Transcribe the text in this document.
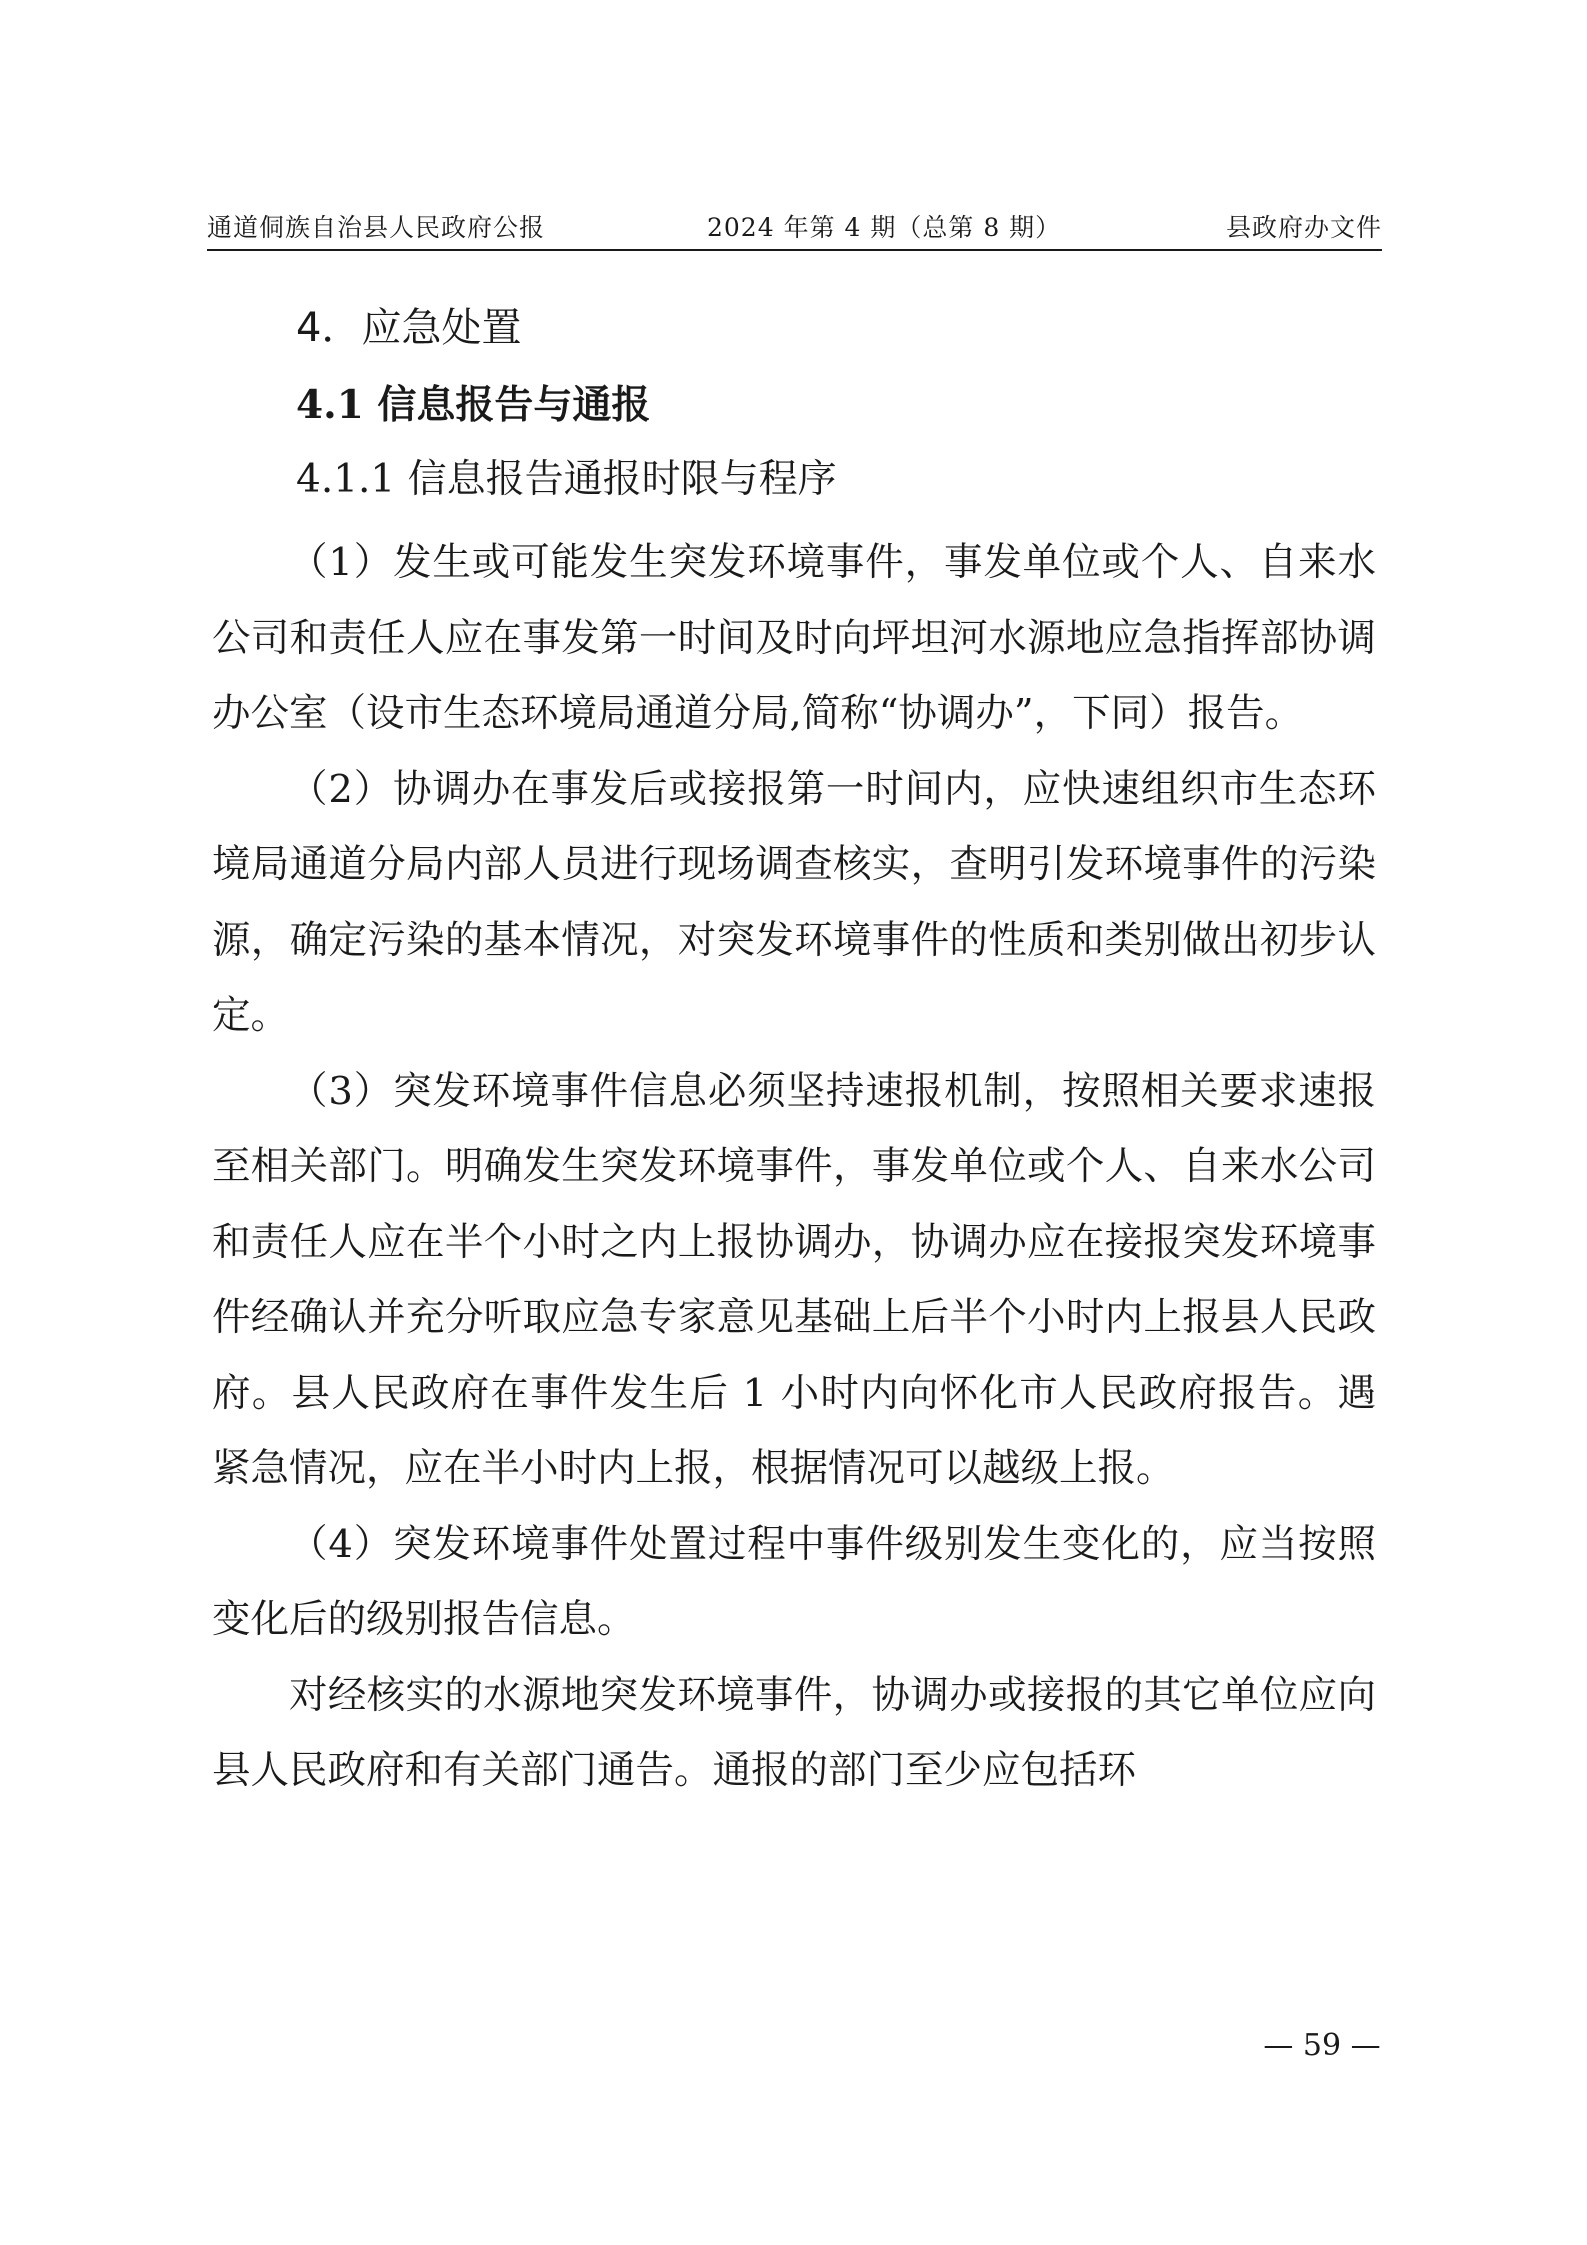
通道侗族自治县人民政府公报	2024 年第 4 期（总第 8 期）	县政府办文件
4．应急处置
4.1 信息报告与通报
4.1.1 信息报告通报时限与程序

（1）发生或可能发生突发环境事件，事发单位或个人、自来水公司和责任人应在事发第一时间及时向坪坦河水源地应急指挥部协调办公室（设市生态环境局通道分局,简称“协调办”，下同）报告。

（2）协调办在事发后或接报第一时间内，应快速组织市生态环境局通道分局内部人员进行现场调查核实，查明引发环境事件的污染源，确定污染的基本情况，对突发环境事件的性质和类别做出初步认定。

（3）突发环境事件信息必须坚持速报机制，按照相关要求速报至相关部门。明确发生突发环境事件，事发单位或个人、自来水公司和责任人应在半个小时之内上报协调办，协调办应在接报突发环境事件经确认并充分听取应急专家意见基础上后半个小时内上报县人民政府。县人民政府在事件发生后 1 小时内向怀化市人民政府报告。遇紧急情况，应在半小时内上报，根据情况可以越级上报。

（4）突发环境事件处置过程中事件级别发生变化的，应当按照变化后的级别报告信息。

对经核实的水源地突发环境事件，协调办或接报的其它单位应向县人民政府和有关部门通告。通报的部门至少应包括环

— 59 —
